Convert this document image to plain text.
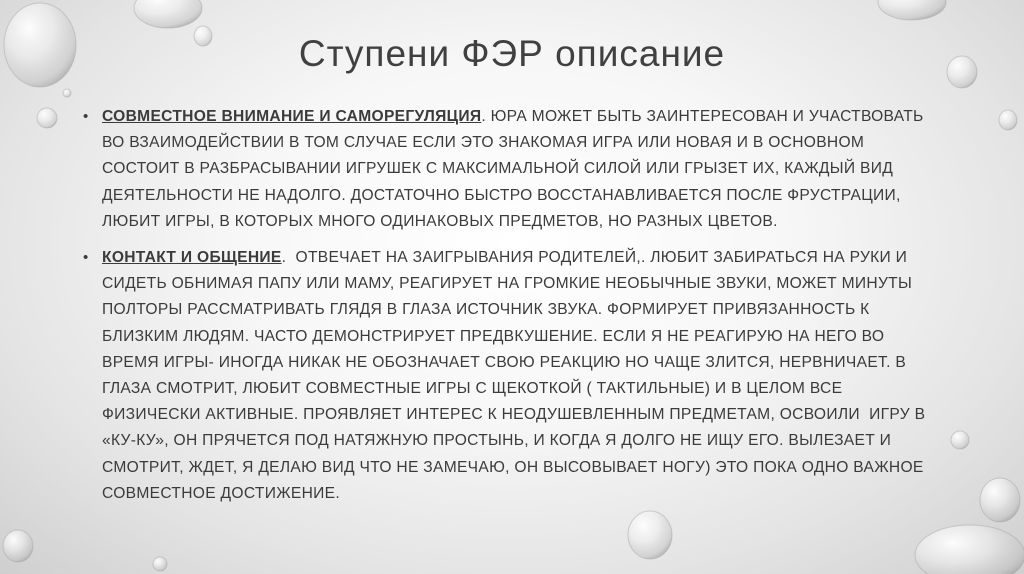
Ступени ФЭР описание

• СОВМЕСТНОЕ ВНИМАНИЕ И САМОРЕГУЛЯЦИЯ. ЮРА МОЖЕТ БЫТЬ ЗАИНТЕРЕСОВАН И УЧАСТВОВАТЬ ВО ВЗАИМОДЕЙСТВИИ В ТОМ СЛУЧАЕ ЕСЛИ ЭТО ЗНАКОМАЯ ИГРА ИЛИ НОВАЯ И В ОСНОВНОМ СОСТОИТ В РАЗБРАСЫВАНИИ ИГРУШЕК С МАКСИМАЛЬНОЙ СИЛОЙ ИЛИ ГРЫЗЕТ ИХ, КАЖДЫЙ ВИД ДЕЯТЕЛЬНОСТИ НЕ НАДОЛГО. ДОСТАТОЧНО БЫСТРО ВОССТАНАВЛИВАЕТСЯ ПОСЛЕ ФРУСТРАЦИИ, ЛЮБИТ ИГРЫ, В КОТОРЫХ МНОГО ОДИНАКОВЫХ ПРЕДМЕТОВ, НО РАЗНЫХ ЦВЕТОВ.

• КОНТАКТ И ОБЩЕНИЕ.  ОТВЕЧАЕТ НА ЗАИГРЫВАНИЯ РОДИТЕЛЕЙ,. ЛЮБИТ ЗАБИРАТЬСЯ НА РУКИ И СИДЕТЬ ОБНИМАЯ ПАПУ ИЛИ МАМУ, РЕАГИРУЕТ НА ГРОМКИЕ НЕОБЫЧНЫЕ ЗВУКИ, МОЖЕТ МИНУТЫ ПОЛТОРЫ РАССМАТРИВАТЬ ГЛЯДЯ В ГЛАЗА ИСТОЧНИК ЗВУКА. ФОРМИРУЕТ ПРИВЯЗАННОСТЬ К БЛИЗКИМ ЛЮДЯМ. ЧАСТО ДЕМОНСТРИРУЕТ ПРЕДВКУШЕНИЕ. ЕСЛИ Я НЕ РЕАГИРУЮ НА НЕГО ВО ВРЕМЯ ИГРЫ- ИНОГДА НИКАК НЕ ОБОЗНАЧАЕТ СВОЮ РЕАКЦИЮ НО ЧАЩЕ ЗЛИТСЯ, НЕРВНИЧАЕТ. В ГЛАЗА СМОТРИТ, ЛЮБИТ СОВМЕСТНЫЕ ИГРЫ С ЩЕКОТКОЙ ( ТАКТИЛЬНЫЕ) И В ЦЕЛОМ ВСЕ ФИЗИЧЕСКИ АКТИВНЫЕ. ПРОЯВЛЯЕТ ИНТЕРЕС К НЕОДУШЕВЛЕННЫМ ПРЕДМЕТАМ, ОСВОИЛИ  ИГРУ В «КУ-КУ», ОН ПРЯЧЕТСЯ ПОД НАТЯЖНУЮ ПРОСТЫНЬ, И КОГДА Я ДОЛГО НЕ ИЩУ ЕГО. ВЫЛЕЗАЕТ И СМОТРИТ, ЖДЕТ, Я ДЕЛАЮ ВИД ЧТО НЕ ЗАМЕЧАЮ, ОН ВЫСОВЫВАЕТ НОГУ) ЭТО ПОКА ОДНО ВАЖНОЕ СОВМЕСТНОЕ ДОСТИЖЕНИЕ.
